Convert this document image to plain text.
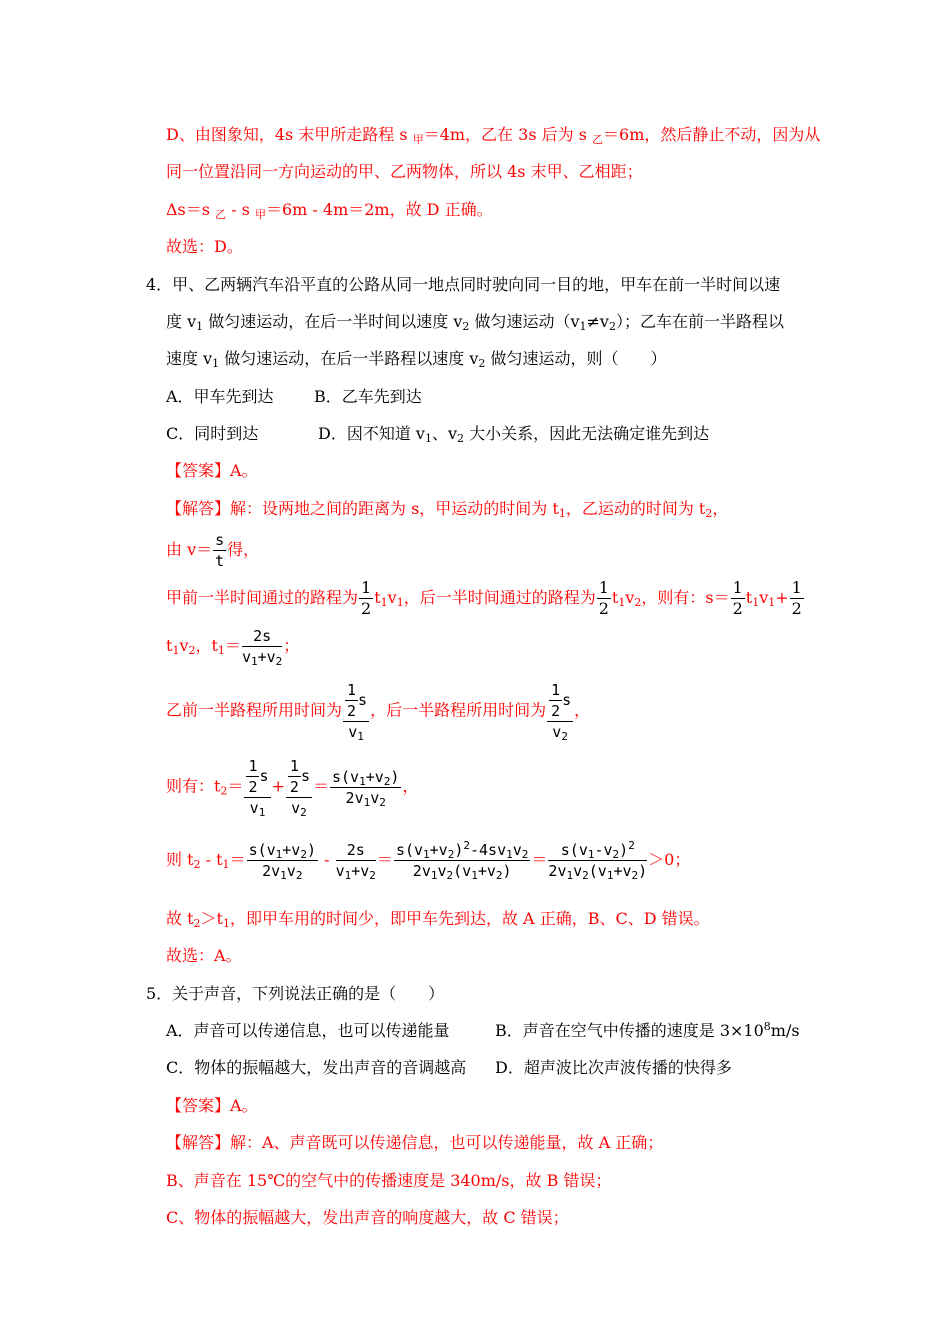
D、由图象知，4s 末甲所走路程 s $_甲$＝4m，乙在 3s 后为 s $_乙$＝6m，然后静止不动，因为从
同一位置沿同一方向运动的甲、乙两物体，所以 4s 末甲、乙相距；
Δs＝s $_乙$ - s $_甲$＝6m - 4m＝2m，故 D 正确。
故选：D。
4．甲、乙两辆汽车沿平直的公路从同一地点同时驶向同一目的地，甲车在前一半时间以速
度 $v_1$ 做匀速运动，在后一半时间以速度 $v_2$ 做匀速运动$(v_1\ne v_2)$；乙车在前一半路程以
速度 $v_1$ 做匀速运动，在后一半路程以速度 $v_2$ 做匀速运动，则（　　）
A．甲车先到达	B．乙车先到达
C．同时到达	D．因不知道 $v_1$、$v_2$ 大小关系，因此无法确定谁先到达
【答案】A。
【解答】解：设两地之间的距离为 s，甲运动的时间为 $t_1$，乙运动的时间为 $t_2$，
由 $v= \frac{s}{t}$ 得，
甲前一半时间通过的路程为 $\frac{1}{2} t_1v_1$，后一半时间通过的路程为 $\frac{1}{2} t_1v_2$，则有：$s= \frac{1}{2} t_1v_1+ \frac{1}{2}$
$t_1v_2$，$t_1= \frac{2s}{v_1+v_2}$ ；
乙前一半路程所用时间为 $\frac{\frac{1}{2} s}{v_1}$ ，后一半路程所用时间为 $\frac{\frac{1}{2} s}{v_2}$ ，
则有：$t_2= \frac{\frac{1}{2} s}{v_1} + \frac{\frac{1}{2} s}{v_2} = \frac{s(v_1+v_2)}{2v_1v_2}$ ，
则 $t_2 - t_1= \frac{s(v_1+v_2)}{2v_1v_2} - \frac{2s}{v_1+v_2} = \frac{s(v_1+v_2)^2-4sv_1v_2}{2v_1v_2(v_1+v_2)} = \frac{s(v_1-v_2)^2}{2v_1v_2(v_1+v_2)} >0$；
故 $t_2>t_1$，即甲车用的时间少，即甲车先到达，故 A 正确，B、C、D 错误。
故选：A。
5．关于声音，下列说法正确的是（　　）
A．声音可以传递信息，也可以传递能量	B．声音在空气中传播的速度是 $3\times 10^8m/s$
C．物体的振幅越大，发出声音的音调越高 D．超声波比次声波传播的快得多
【答案】A。
【解答】解：A、声音既可以传递信息，也可以传递能量，故 A 正确；
B、声音在 15℃的空气中的传播速度是 340m/s，故 B 错误；
C、物体的振幅越大，发出声音的响度越大，故 C 错误；
